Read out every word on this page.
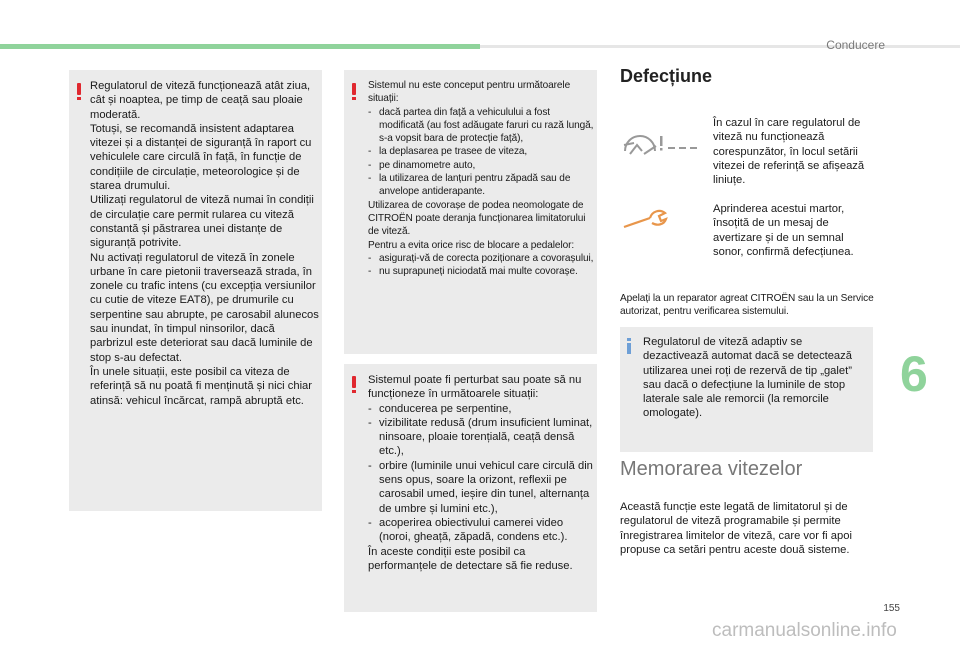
Conducere

Regulatorul de viteză funcționează atât ziua, cât și noaptea, pe timp de ceață sau ploaie moderată.

Totuși, se recomandă insistent adaptarea vitezei și a distanței de siguranță în raport cu vehiculele care circulă în față, în funcție de condițiile de circulație, meteorologice și de starea drumului.

Utilizați regulatorul de viteză numai în condiții de circulație care permit rularea cu viteză constantă și păstrarea unei distanțe de siguranță potrivite.

Nu activați regulatorul de viteză în zonele urbane în care pietonii traversează strada, în zonele cu trafic intens (cu excepția versiunilor cu cutie de viteze EAT8), pe drumurile cu serpentine sau abrupte, pe carosabil alunecos sau inundat, în timpul ninsorilor, dacă parbrizul este deteriorat sau dacă luminile de stop s-au defectat.

În unele situații, este posibil ca viteza de referință să nu poată fi menținută și nici chiar atinsă: vehicul încărcat, rampă abruptă etc.

Sistemul nu este conceput pentru următoarele situații:

- dacă partea din față a vehiculului a fost modificată (au fost adăugate faruri cu rază lungă, s-a vopsit bara de protecție față),
- la deplasarea pe trasee de viteza,
- pe dinamometre auto,
- la utilizarea de lanțuri pentru zăpadă sau de anvelope antiderapante.

Utilizarea de covorașe de podea neomologate de CITROËN poate deranja funcționarea limitatorului de viteză.

Pentru a evita orice risc de blocare a pedalelor:

- asigurați-vă de corecta poziționare a covorașului,
- nu suprapuneți niciodată mai multe covorașe.

Sistemul poate fi perturbat sau poate să nu funcționeze în următoarele situații:

- conducerea pe serpentine,
- vizibilitate redusă (drum insuficient luminat, ninsoare, ploaie torențială, ceață densă etc.),
- orbire (luminile unui vehicul care circulă din sens opus, soare la orizont, reflexii pe carosabil umed, ieșire din tunel, alternanța de umbre și lumini etc.),
- acoperirea obiectivului camerei video (noroi, gheață, zăpadă, condens etc.).

În aceste condiții este posibil ca performanțele de detectare să fie reduse.

Defecțiune
În cazul în care regulatorul de viteză nu funcționează corespunzător, în locul setării vitezei de referință se afișează liniuțe.
Aprinderea acestui martor, însoțită de un mesaj de avertizare și de un semnal sonor, confirmă defecțiunea.
Apelați la un reparator agreat CITROËN sau la un Service autorizat, pentru verificarea sistemului.
Regulatorul de viteză adaptiv se dezactivează automat dacă se detectează utilizarea unei roți de rezervă de tip „galet” sau dacă o defecțiune la luminile de stop laterale sale ale remorcii (la remorcile omologate).
Memorarea vitezelor
Această funcție este legată de limitatorul și de regulatorul de viteză programabile și permite înregistrarea limitelor de viteză, care vor fi apoi propuse ca setări pentru aceste două sisteme.
6
155
carmanualsonline.info
